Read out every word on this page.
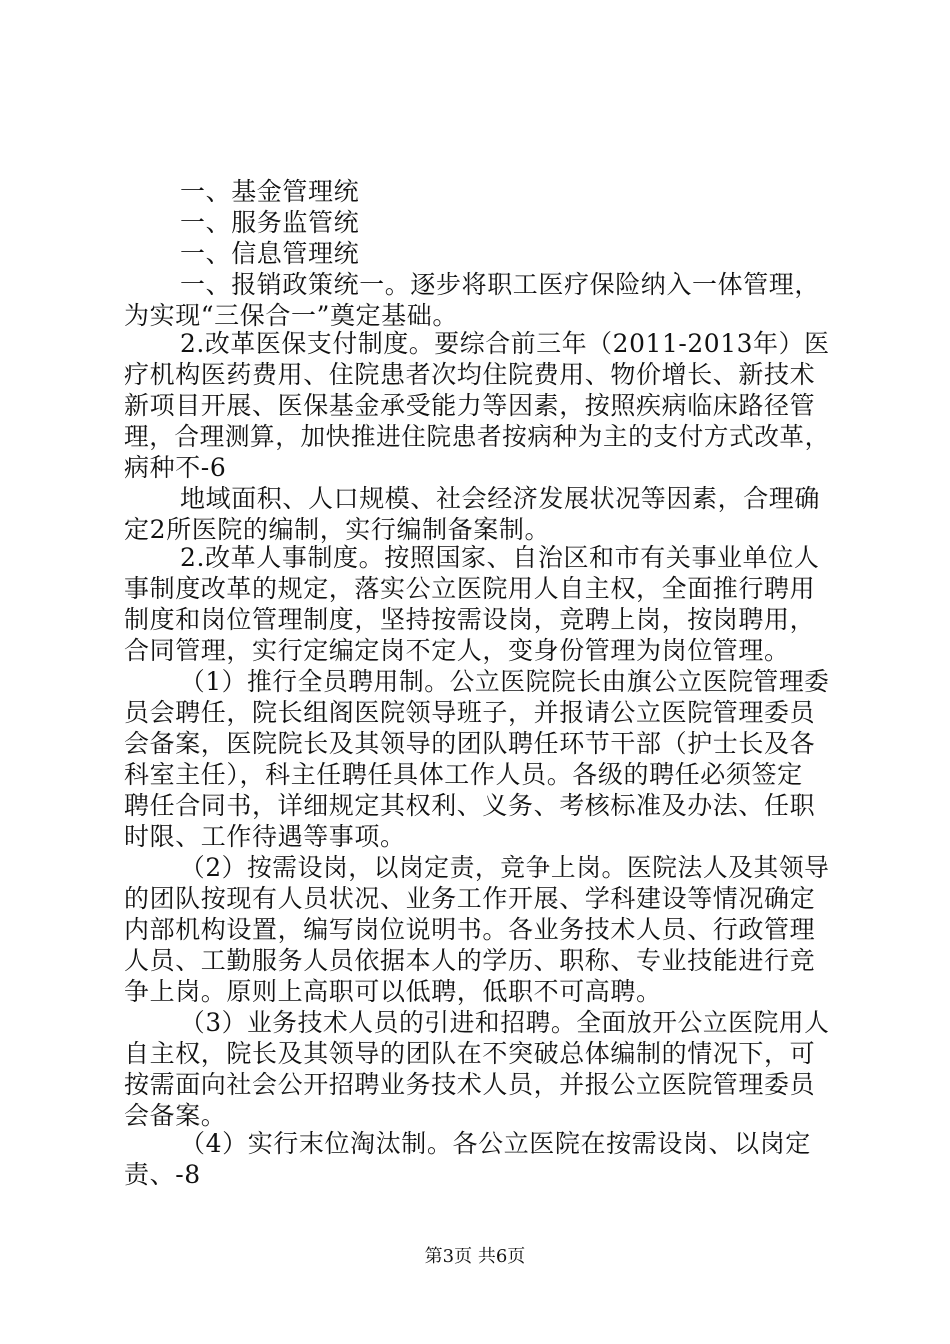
一、基金管理统
一、服务监管统
一、信息管理统
一、报销政策统一。逐步将职工医疗保险纳入一体管理，
为实现“三保合一”奠定基础。
2.改革医保支付制度。要综合前三年（2011-2013年）医
疗机构医药费用、住院患者次均住院费用、物价增长、新技术
新项目开展、医保基金承受能力等因素，按照疾病临床路径管
理，合理测算，加快推进住院患者按病种为主的支付方式改革，
病种不-6
地域面积、人口规模、社会经济发展状况等因素，合理确
定2所医院的编制，实行编制备案制。
2.改革人事制度。按照国家、自治区和市有关事业单位人
事制度改革的规定，落实公立医院用人自主权，全面推行聘用
制度和岗位管理制度，坚持按需设岗，竞聘上岗，按岗聘用，
合同管理，实行定编定岗不定人，变身份管理为岗位管理。
（1）推行全员聘用制。公立医院院长由旗公立医院管理委
员会聘任，院长组阁医院领导班子，并报请公立医院管理委员
会备案，医院院长及其领导的团队聘任环节干部（护士长及各
科室主任），科主任聘任具体工作人员。各级的聘任必须签定
聘任合同书，详细规定其权利、义务、考核标准及办法、任职
时限、工作待遇等事项。
（2）按需设岗，以岗定责，竞争上岗。医院法人及其领导
的团队按现有人员状况、业务工作开展、学科建设等情况确定
内部机构设置，编写岗位说明书。各业务技术人员、行政管理
人员、工勤服务人员依据本人的学历、职称、专业技能进行竞
争上岗。原则上高职可以低聘，低职不可高聘。
（3）业务技术人员的引进和招聘。全面放开公立医院用人
自主权，院长及其领导的团队在不突破总体编制的情况下，可
按需面向社会公开招聘业务技术人员，并报公立医院管理委员
会备案。
（4）实行末位淘汰制。各公立医院在按需设岗、以岗定
责、-8
第3页 共6页
